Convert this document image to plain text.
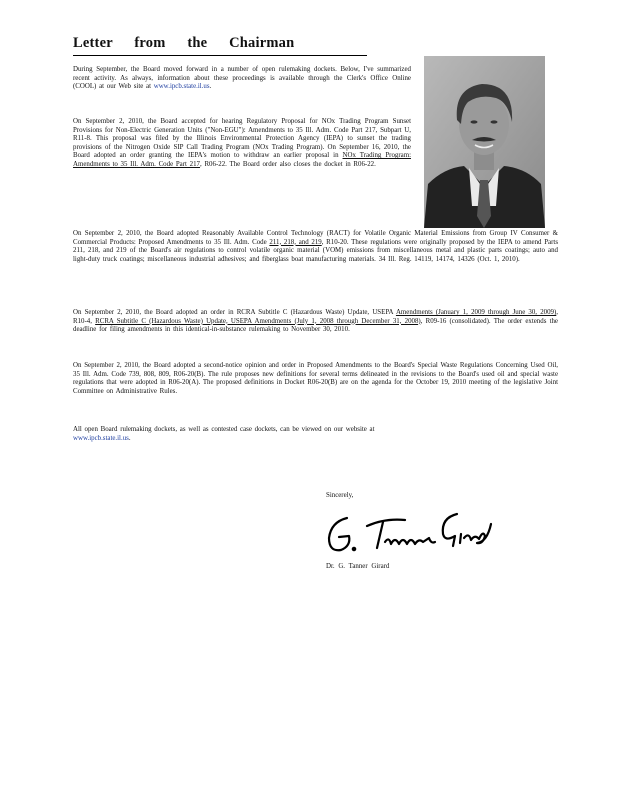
Letter from the Chairman
During September, the Board moved forward in a number of open rulemaking dockets. Below, I've summarized recent activity. As always, information about these proceedings is available through the Clerk's Office Online (COOL) at our Web site at www.ipcb.state.il.us.
On September 2, 2010, the Board accepted for hearing Regulatory Proposal for NOx Trading Program Sunset Provisions for Non-Electric Generation Units ("Non-EGU"): Amendments to 35 Ill. Adm. Code Part 217, Subpart U, R11-8. This proposal was filed by the Illinois Environmental Protection Agency (IEPA) to sunset the trading provisions of the Nitrogen Oxide SIP Call Trading Program (NOx Trading Program). On September 16, 2010, the Board adopted an order granting the IEPA's motion to withdraw an earlier proposal in NOx Trading Program: Amendments to 35 Ill. Adm. Code Part 217, R06-22. The Board order also closes the docket in R06-22.
On September 2, 2010, the Board adopted Reasonably Available Control Technology (RACT) for Volatile Organic Material Emissions from Group IV Consumer & Commercial Products: Proposed Amendments to 35 Ill. Adm. Code 211, 218, and 219, R10-20. These regulations were originally proposed by the IEPA to amend Parts 211, 218, and 219 of the Board's air regulations to control volatile organic material (VOM) emissions from miscellaneous metal and plastic parts coatings; auto and light-duty truck coatings; miscellaneous industrial adhesives; and fiberglass boat manufacturing materials. 34 Ill. Reg. 14119, 14174, 14326 (Oct. 1, 2010).
On September 2, 2010, the Board adopted an order in RCRA Subtitle C (Hazardous Waste) Update, USEPA Amendments (January 1, 2009 through June 30, 2009), R10-4, RCRA Subtitle C (Hazardous Waste) Update, USEPA Amendments (July 1, 2008 through December 31, 2008), R09-16 (consolidated). The order extends the deadline for filing amendments in this identical-in-substance rulemaking to November 30, 2010.
On September 2, 2010, the Board adopted a second-notice opinion and order in Proposed Amendments to the Board's Special Waste Regulations Concerning Used Oil, 35 Ill. Adm. Code 739, 808, 809, R06-20(B). The rule proposes new definitions for several terms delineated in the revisions to the Board's used oil and special waste regulations that were adopted in R06-20(A). The proposed definitions in Docket R06-20(B) are on the agenda for the October 19, 2010 meeting of the legislative Joint Committee on Administrative Rules.
All open Board rulemaking dockets, as well as contested case dockets, can be viewed on our website at
www.ipcb.state.il.us.
Sincerely,
Dr. G. Tanner Girard
